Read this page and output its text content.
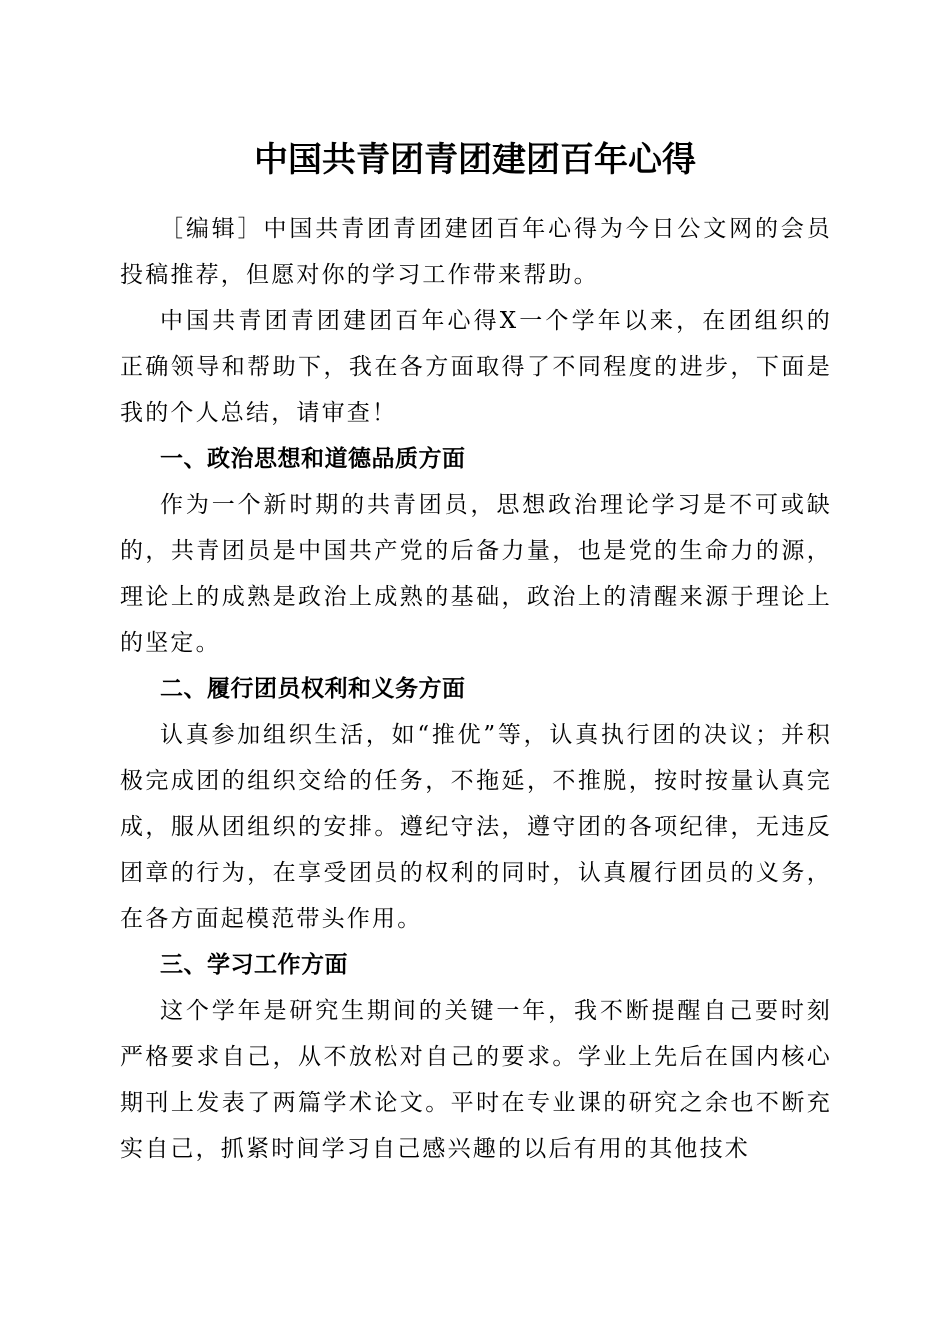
中国共青团青团建团百年心得

［编辑］中国共青团青团建团百年心得为今日公文网的会员投稿推荐，但愿对你的学习工作带来帮助。

中国共青团青团建团百年心得X一个学年以来，在团组织的正确领导和帮助下，我在各方面取得了不同程度的进步，下面是我的个人总结，请审查！

一、政治思想和道德品质方面

作为一个新时期的共青团员，思想政治理论学习是不可或缺的，共青团员是中国共产党的后备力量，也是党的生命力的源，理论上的成熟是政治上成熟的基础，政治上的清醒来源于理论上的坚定。

二、履行团员权利和义务方面

认真参加组织生活，如“推优”等，认真执行团的决议；并积极完成团的组织交给的任务，不拖延，不推脱，按时按量认真完成，服从团组织的安排。遵纪守法，遵守团的各项纪律，无违反团章的行为，在享受团员的权利的同时，认真履行团员的义务，在各方面起模范带头作用。

三、学习工作方面

这个学年是研究生期间的关键一年，我不断提醒自己要时刻严格要求自己，从不放松对自己的要求。学业上先后在国内核心期刊上发表了两篇学术论文。平时在专业课的研究之余也不断充实自己，抓紧时间学习自己感兴趣的以后有用的其他技术
